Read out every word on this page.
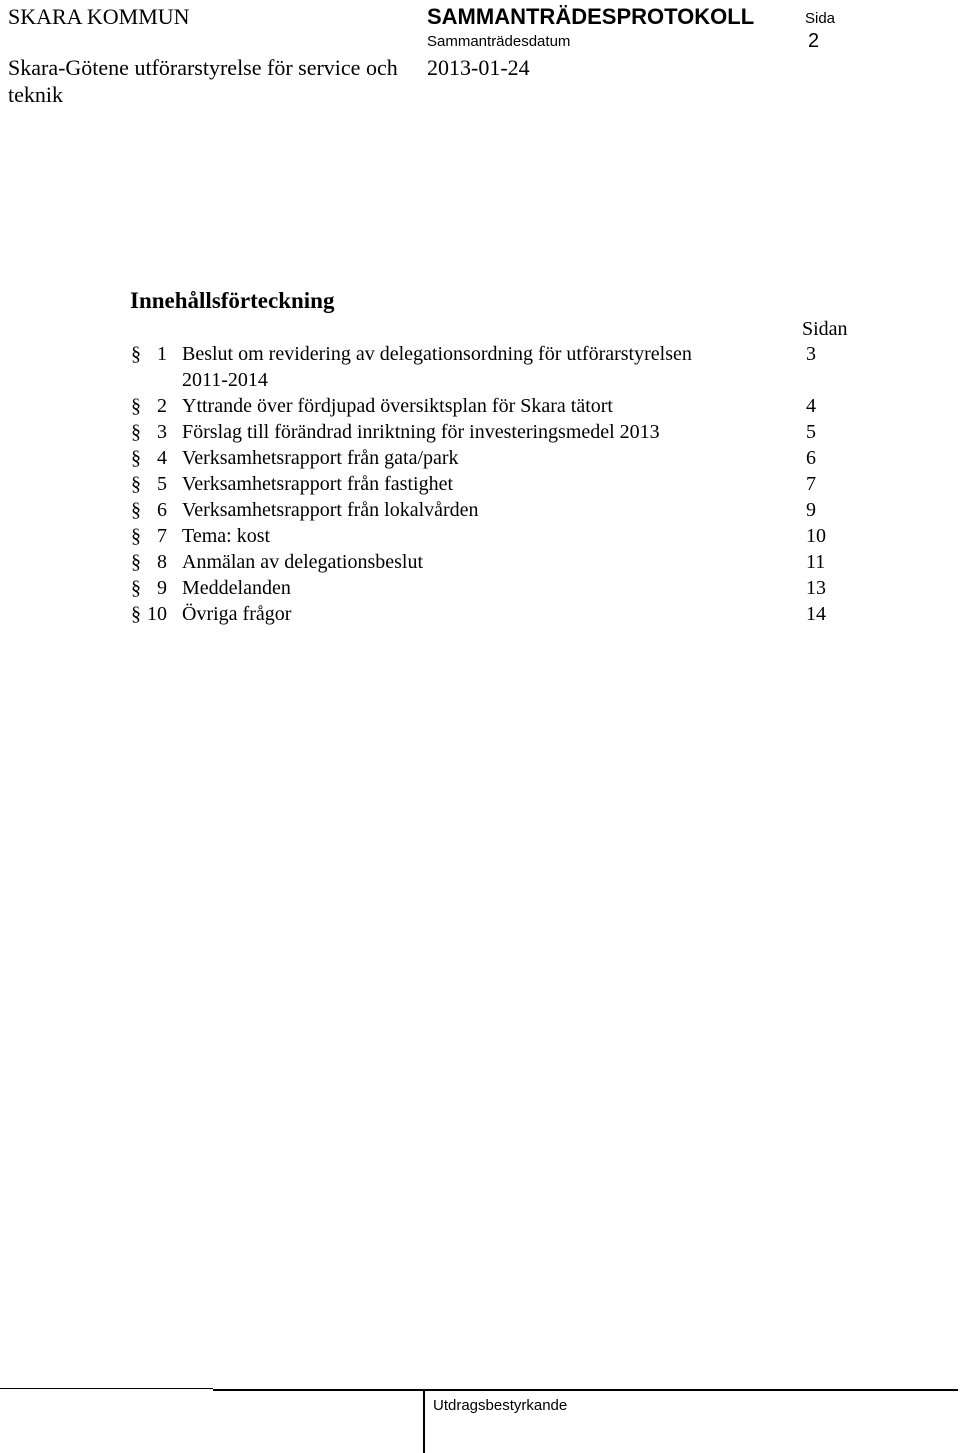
SKARA KOMMUN
Skara-Götene utförarstyrelse för service och teknik
SAMMANTRÄDESPROTOKOLL
Sammanträdesdatum
2013-01-24
Sida
2
Innehållsförteckning
Sidan
§ 1 Beslut om revidering av delegationsordning för utförarstyrelsen	3
2011-2014
§ 2 Yttrande över fördjupad översiktsplan för Skara tätort	4
§ 3 Förslag till förändrad inriktning för investeringsmedel 2013	5
§ 4 Verksamhetsrapport från gata/park	6
§ 5 Verksamhetsrapport från fastighet	7
§ 6 Verksamhetsrapport från lokalvården	9
§ 7 Tema: kost	10
§ 8 Anmälan av delegationsbeslut	11
§ 9 Meddelanden	13
§ 10 Övriga frågor	14
Utdragsbestyrkande
